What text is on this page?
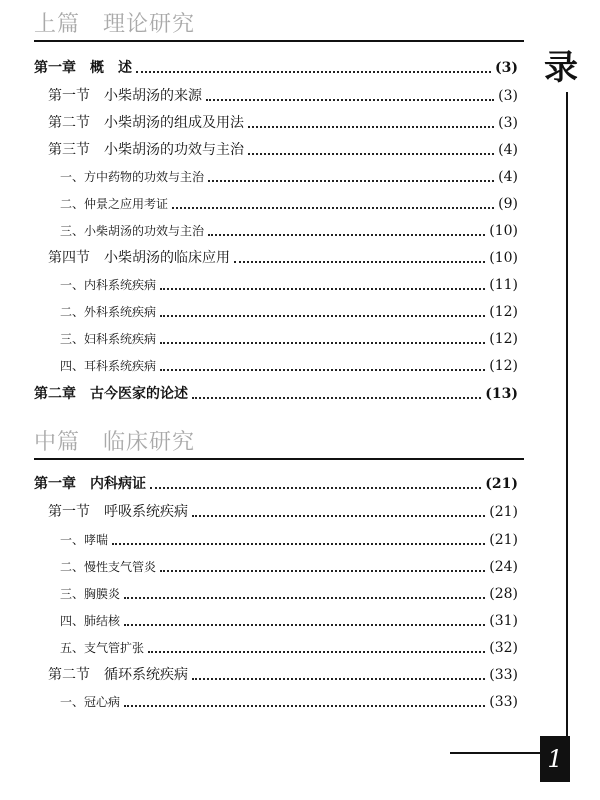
上篇　理论研究
中篇　临床研究
第一章　概　述	(3)
第一节　小柴胡汤的来源	(3)
第二节　小柴胡汤的组成及用法	(3)
第三节　小柴胡汤的功效与主治	(4)
一、方中药物的功效与主治	(4)
二、仲景之应用考证	(9)
三、小柴胡汤的功效与主治	(10)
第四节　小柴胡汤的临床应用	(10)
一、内科系统疾病	(11)
二、外科系统疾病	(12)
三、妇科系统疾病	(12)
四、耳科系统疾病	(12)
第二章　古今医家的论述	(13)
第一章　内科病证	(21)
第一节　呼吸系统疾病	(21)
一、哮喘	(21)
二、慢性支气管炎	(24)
三、胸膜炎	(28)
四、肺结核	(31)
五、支气管扩张	(32)
第二节　循环系统疾病	(33)
一、冠心病	(33)
录
1
